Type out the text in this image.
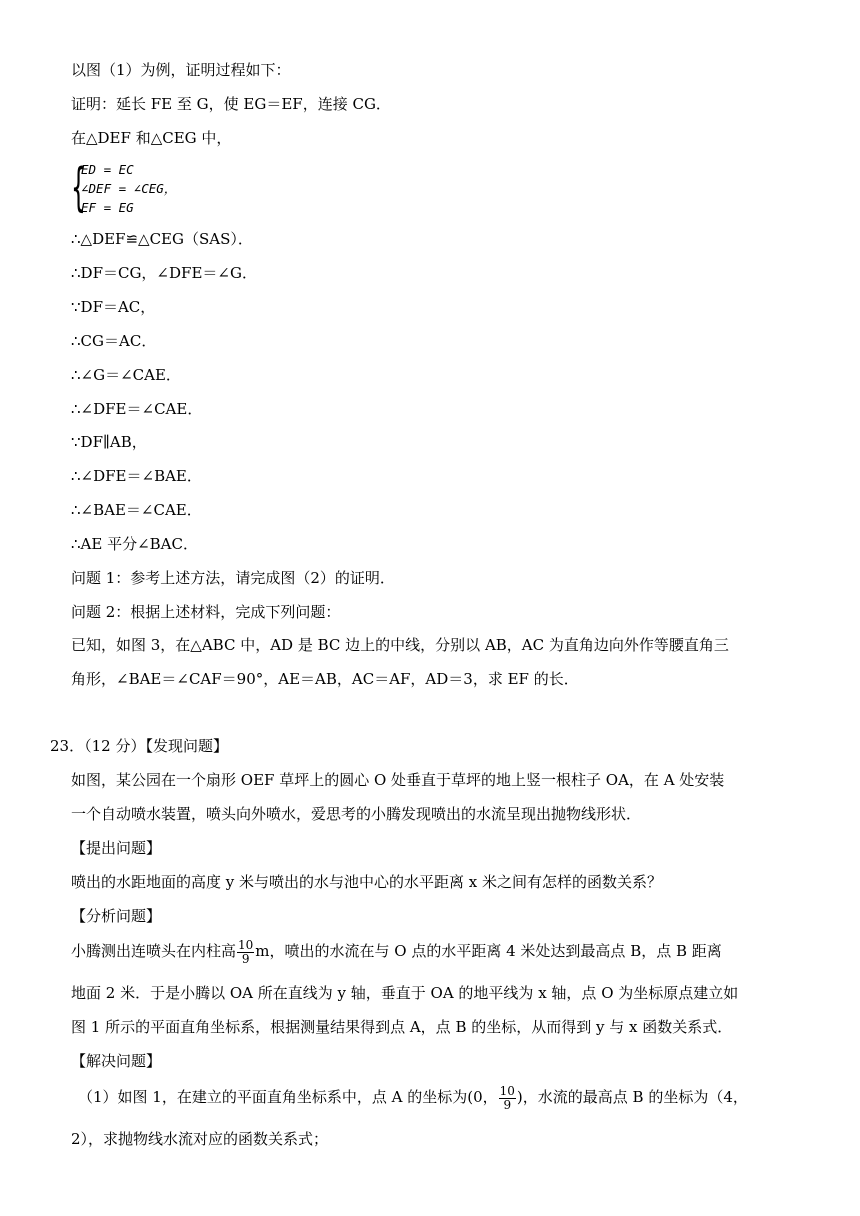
以图（1）为例，证明过程如下：
证明：延长 FE 至 G，使 EG＝EF，连接 CG．
在△DEF 和△CEG 中，
{
ED = EC
∠DEF = ∠CEG，
EF = EG
∴△DEF≌△CEG（SAS）．
∴DF＝CG，∠DFE＝∠G．
∵DF＝AC，
∴CG＝AC．
∴∠G＝∠CAE．
∴∠DFE＝∠CAE．
∵DF∥AB，
∴∠DFE＝∠BAE．
∴∠BAE＝∠CAE．
∴AE 平分∠BAC．
问题 1：参考上述方法，请完成图（2）的证明．
问题 2：根据上述材料，完成下列问题：
已知，如图 3，在△ABC 中，AD 是 BC 边上的中线，分别以 AB，AC 为直角边向外作等腰直角三
角形，∠BAE＝∠CAF＝90°，AE＝AB，AC＝AF，AD＝3，求 EF 的长．
23．（12 分）【发现问题】
如图，某公园在一个扇形 OEF 草坪上的圆心 O 处垂直于草坪的地上竖一根柱子 OA，在 A 处安装
一个自动喷水装置，喷头向外喷水，爱思考的小腾发现喷出的水流呈现出抛物线形状．
【提出问题】
喷出的水距地面的高度 y 米与喷出的水与池中心的水平距离 x 米之间有怎样的函数关系？
【分析问题】
小腾测出连喷头在内柱高 $\frac{10}{9}$ m，喷出的水流在与 O 点的水平距离 4 米处达到最高点 B，点 B 距离
地面 2 米．于是小腾以 OA 所在直线为 y 轴，垂直于 OA 的地平线为 x 轴，点 O 为坐标原点建立如
图 1 所示的平面直角坐标系，根据测量结果得到点 A，点 B 的坐标，从而得到 y 与 x 函数关系式．
【解决问题】
（1）如图 1，在建立的平面直角坐标系中，点 A 的坐标为(0， $\frac{10}{9}$ )，水流的最高点 B 的坐标为（4，
2），求抛物线水流对应的函数关系式；
